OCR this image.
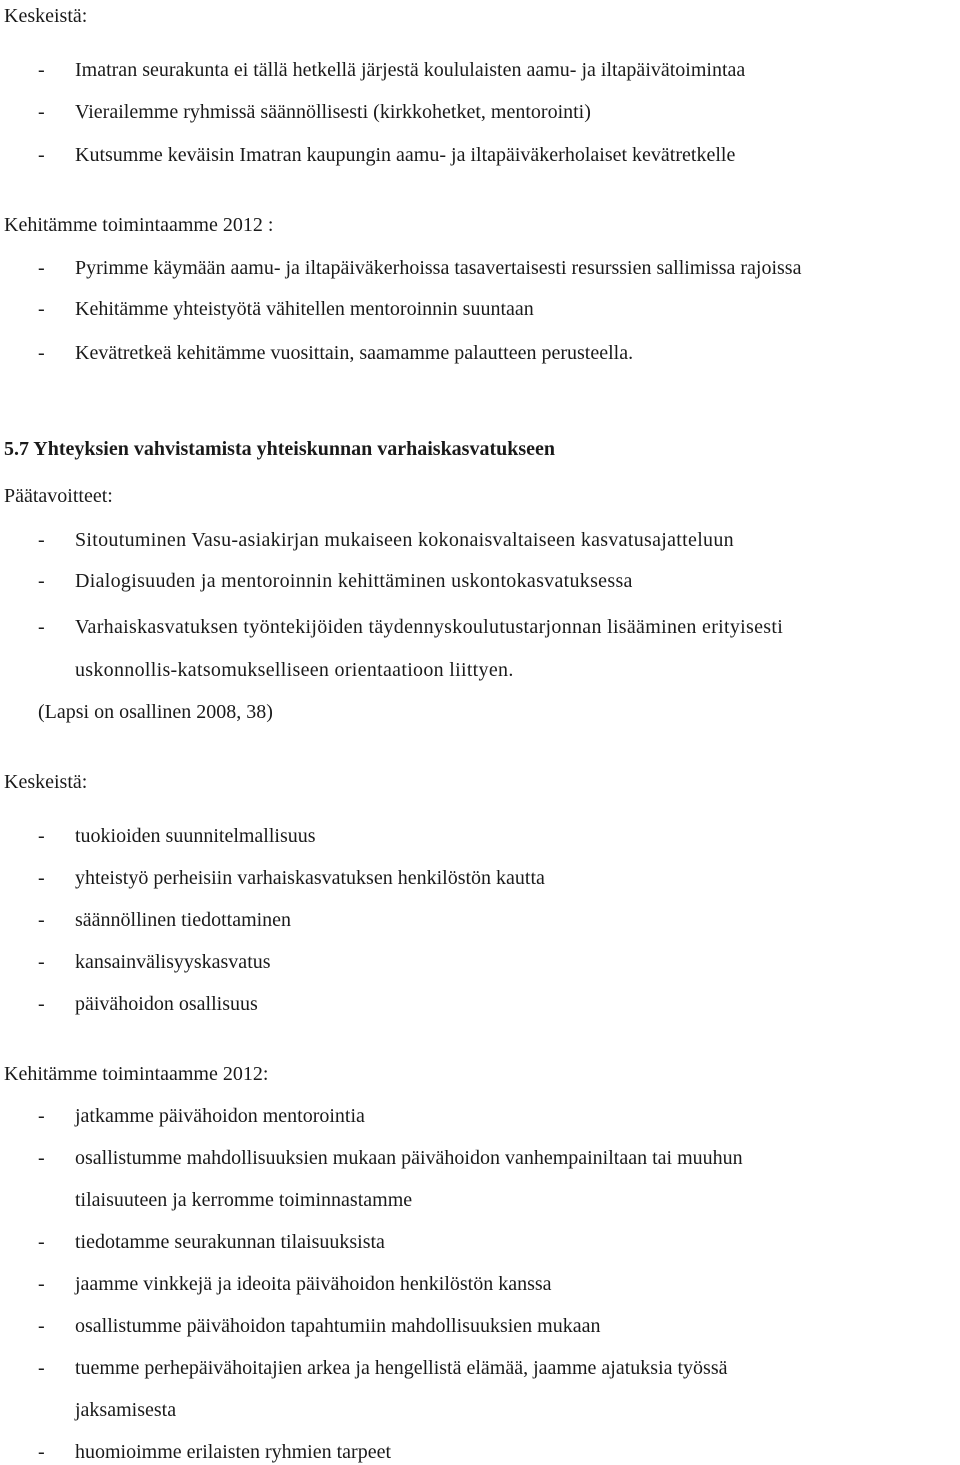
Keskeistä:
- Imatran seurakunta ei tällä hetkellä järjestä koululaisten aamu- ja iltapäivätoimintaa
- Vierailemme ryhmissä säännöllisesti (kirkkohetket, mentorointi)
- Kutsumme keväisin Imatran kaupungin aamu- ja iltapäiväkerholaiset kevätretkelle
Kehitämme toimintaamme 2012 :
- Pyrimme käymään aamu- ja iltapäiväkerhoissa tasavertaisesti resurssien sallimissa rajoissa
- Kehitämme yhteistyötä vähitellen mentoroinnin suuntaan
- Kevätretkeä kehitämme vuosittain, saamamme palautteen perusteella.
5.7 Yhteyksien vahvistamista yhteiskunnan varhaiskasvatukseen
Päätavoitteet:
- Sitoutuminen Vasu-asiakirjan mukaiseen kokonaisvaltaiseen kasvatusajatteluun
- Dialogisuuden ja mentoroinnin kehittäminen uskontokasvatuksessa
- Varhaiskasvatuksen työntekijöiden täydennyskoulutustarjonnan lisääminen erityisesti
uskonnollis-katsomukselliseen orientaatioon liittyen.
(Lapsi on osallinen 2008, 38)
Keskeistä:
- tuokioiden suunnitelmallisuus
- yhteistyö perheisiin varhaiskasvatuksen henkilöstön kautta
- säännöllinen tiedottaminen
- kansainvälisyyskasvatus
- päivähoidon osallisuus
Kehitämme toimintaamme 2012:
- jatkamme päivähoidon mentorointia
- osallistumme mahdollisuuksien mukaan päivähoidon vanhempainiltaan tai muuhun
tilaisuuteen ja kerromme toiminnastamme
- tiedotamme seurakunnan tilaisuuksista
- jaamme vinkkejä ja ideoita päivähoidon henkilöstön kanssa
- osallistumme päivähoidon tapahtumiin mahdollisuuksien mukaan
- tuemme perhepäivähoitajien arkea ja hengellistä elämää, jaamme ajatuksia työssä
jaksamisesta
- huomioimme erilaisten ryhmien tarpeet
